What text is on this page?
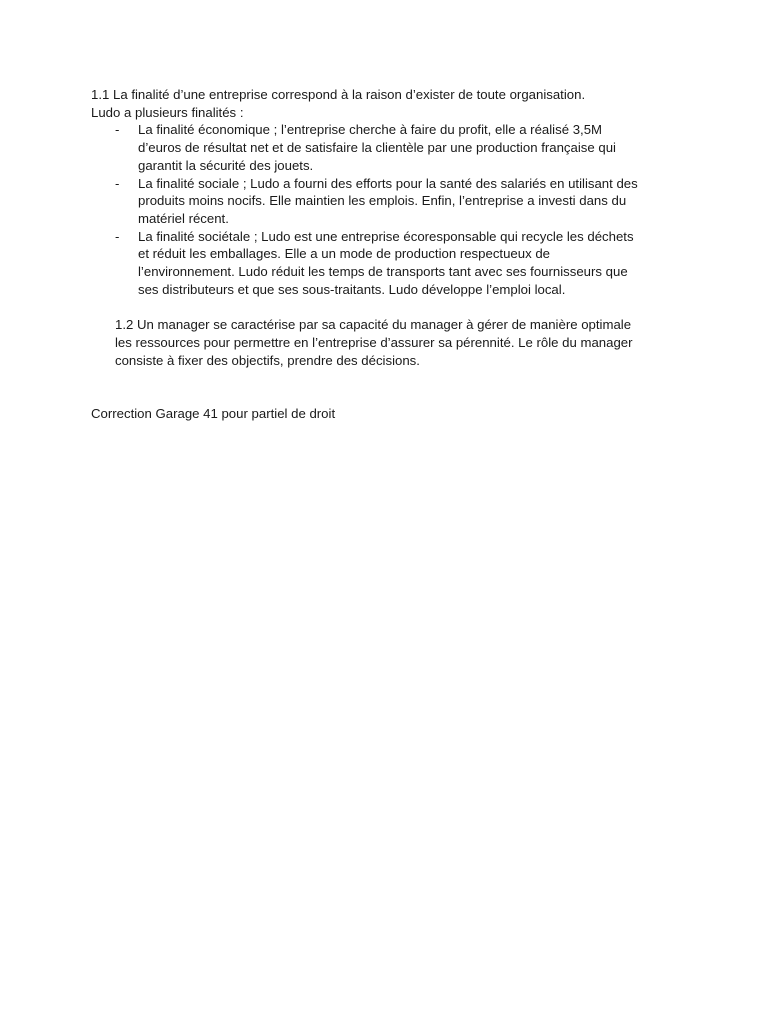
1.1 La finalité d’une entreprise correspond à la raison d’exister de toute organisation.
Ludo a plusieurs finalités :
- La finalité économique ; l’entreprise cherche à faire du profit, elle a réalisé 3,5M
d’euros de résultat net et de satisfaire la clientèle par une production française qui
garantit la sécurité des jouets.
- La finalité sociale ; Ludo a fourni des efforts pour la santé des salariés en utilisant des
produits moins nocifs. Elle maintien les emplois. Enfin, l’entreprise a investi dans du
matériel récent.
- La finalité sociétale ; Ludo est une entreprise écoresponsable qui recycle les déchets
et réduit les emballages. Elle a un mode de production respectueux de
l’environnement. Ludo réduit les temps de transports tant avec ses fournisseurs que
ses distributeurs et que ses sous-traitants. Ludo développe l’emploi local.
1.2 Un manager se caractérise par sa capacité du manager à gérer de manière optimale
les ressources pour permettre en l’entreprise d’assurer sa pérennité. Le rôle du manager
consiste à fixer des objectifs, prendre des décisions.
Correction Garage 41 pour partiel de droit
